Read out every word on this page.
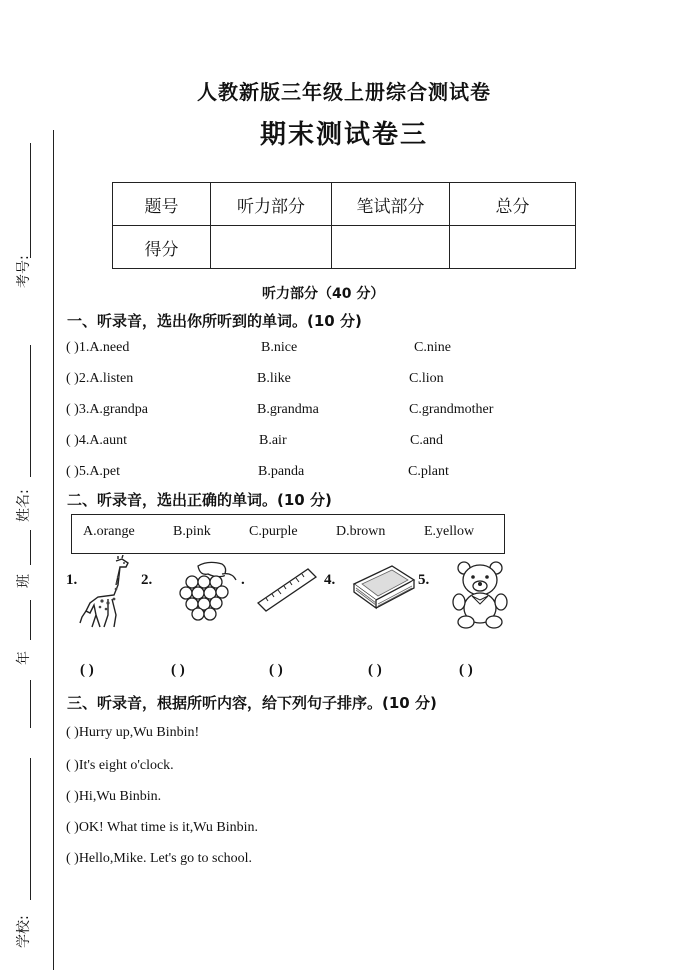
考号:
姓名:
班
年
学校:
人教新版三年级上册综合测试卷
期末测试卷三
题号	听力部分	笔试部分	总分
得分			
听力部分（40 分）
一、听录音，选出你所听到的单词。(10 分)
( )1.A.need	B.nice	C.nine
( )2.A.listen	B.like	C.lion
( )3.A.grandpa	B.grandma	C.grandmother
( )4.A.aunt	B.air	C.and
( )5.A.pet	B.panda	C.plant
二、听录音，选出正确的单词。(10 分)
A.orange	B.pink	C.purple	D.brown	E.yellow
1.	2.	.	4.	5.
( )	( )	( )	( )	( )
三、听录音，根据所听内容，给下列句子排序。(10 分)
( )Hurry up,Wu Binbin!
( )It's eight o'clock.
( )Hi,Wu Binbin.
( )OK! What time is it,Wu Binbin.
( )Hello,Mike. Let's go to school.
